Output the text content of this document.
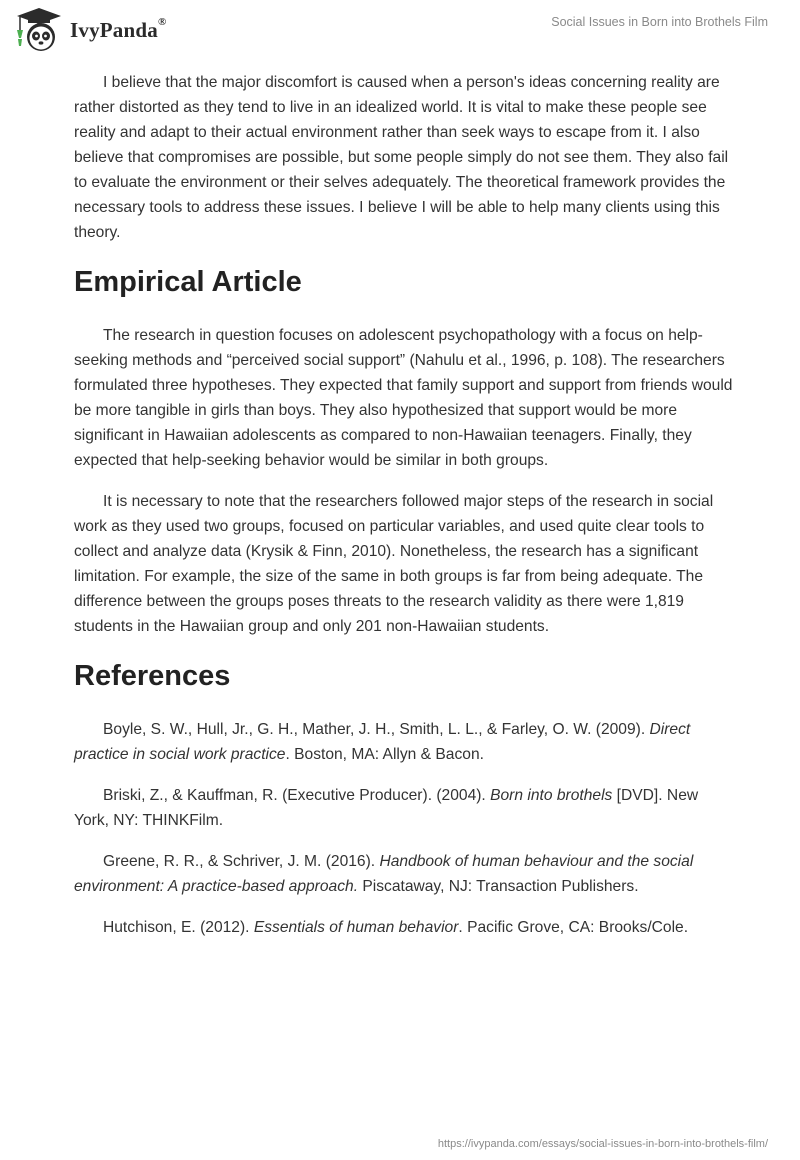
IvyPanda®	Social Issues in Born into Brothels Film

I believe that the major discomfort is caused when a person's ideas concerning reality are rather distorted as they tend to live in an idealized world. It is vital to make these people see reality and adapt to their actual environment rather than seek ways to escape from it. I also believe that compromises are possible, but some people simply do not see them. They also fail to evaluate the environment or their selves adequately. The theoretical framework provides the necessary tools to address these issues. I believe I will be able to help many clients using this theory.

Empirical Article

The research in question focuses on adolescent psychopathology with a focus on help-seeking methods and “perceived social support” (Nahulu et al., 1996, p. 108). The researchers formulated three hypotheses. They expected that family support and support from friends would be more tangible in girls than boys. They also hypothesized that support would be more significant in Hawaiian adolescents as compared to non-Hawaiian teenagers. Finally, they expected that help-seeking behavior would be similar in both groups.

It is necessary to note that the researchers followed major steps of the research in social work as they used two groups, focused on particular variables, and used quite clear tools to collect and analyze data (Krysik & Finn, 2010). Nonetheless, the research has a significant limitation. For example, the size of the same in both groups is far from being adequate. The difference between the groups poses threats to the research validity as there were 1,819 students in the Hawaiian group and only 201 non-Hawaiian students.

References

Boyle, S. W., Hull, Jr., G. H., Mather, J. H., Smith, L. L., & Farley, O. W. (2009). Direct practice in social work practice. Boston, MA: Allyn & Bacon.

Briski, Z., & Kauffman, R. (Executive Producer). (2004). Born into brothels [DVD]. New York, NY: THINKFilm.

Greene, R. R., & Schriver, J. M. (2016). Handbook of human behaviour and the social environment: A practice-based approach. Piscataway, NJ: Transaction Publishers.

Hutchison, E. (2012). Essentials of human behavior. Pacific Grove, CA: Brooks/Cole.

https://ivypanda.com/essays/social-issues-in-born-into-brothels-film/
